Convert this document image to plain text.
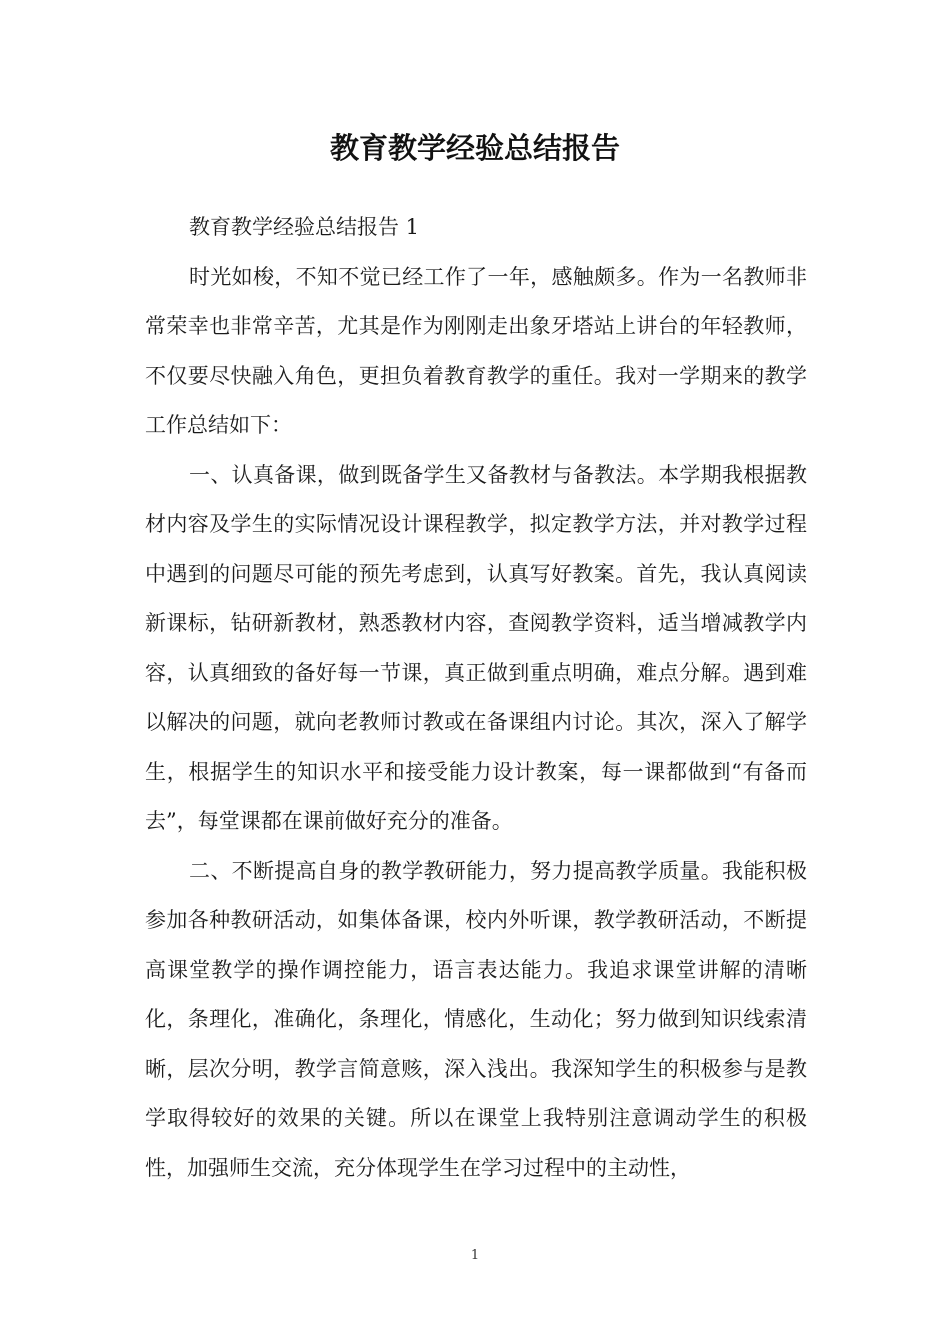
教育教学经验总结报告

教育教学经验总结报告 1

时光如梭，不知不觉已经工作了一年，感触颇多。作为一名教师非常荣幸也非常辛苦，尤其是作为刚刚走出象牙塔站上讲台的年轻教师，不仅要尽快融入角色，更担负着教育教学的重任。我对一学期来的教学工作总结如下：

一、认真备课，做到既备学生又备教材与备教法。本学期我根据教材内容及学生的实际情况设计课程教学，拟定教学方法，并对教学过程中遇到的问题尽可能的预先考虑到，认真写好教案。首先，我认真阅读新课标，钻研新教材，熟悉教材内容，查阅教学资料，适当增减教学内容，认真细致的备好每一节课，真正做到重点明确，难点分解。遇到难以解决的问题，就向老教师讨教或在备课组内讨论。其次，深入了解学生，根据学生的知识水平和接受能力设计教案，每一课都做到“有备而去”，每堂课都在课前做好充分的准备。

二、不断提高自身的教学教研能力，努力提高教学质量。我能积极参加各种教研活动，如集体备课，校内外听课，教学教研活动，不断提高课堂教学的操作调控能力，语言表达能力。我追求课堂讲解的清晰化，条理化，准确化，条理化，情感化，生动化；努力做到知识线索清晰，层次分明，教学言简意赅，深入浅出。我深知学生的积极参与是教学取得较好的效果的关键。所以在课堂上我特别注意调动学生的积极性，加强师生交流，充分体现学生在学习过程中的主动性，

1
